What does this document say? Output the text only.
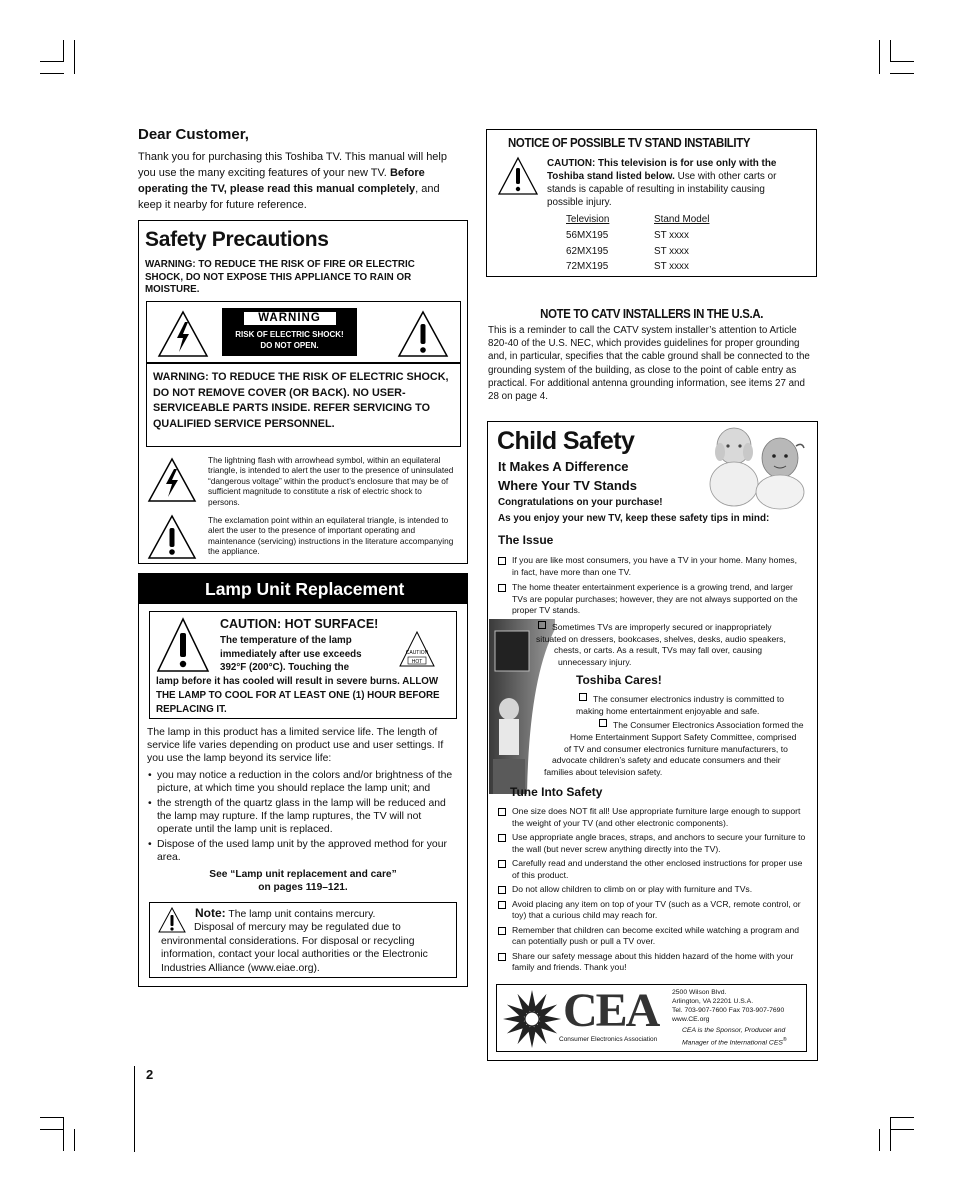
Dear Customer,

Thank you for purchasing this Toshiba TV. This manual will help you use the many exciting features of your new TV. Before operating the TV, please read this manual completely, and keep it nearby for future reference.

Safety Precautions
WARNING: TO REDUCE THE RISK OF FIRE OR ELECTRIC SHOCK, DO NOT EXPOSE THIS APPLIANCE TO RAIN OR MOISTURE.
WARNING
RISK OF ELECTRIC SHOCK!
DO NOT OPEN.
WARNING: TO REDUCE THE RISK OF ELECTRIC SHOCK, DO NOT REMOVE COVER (OR BACK). NO USER-SERVICEABLE PARTS INSIDE. REFER SERVICING TO QUALIFIED SERVICE PERSONNEL.
The lightning flash with arrowhead symbol, within an equilateral triangle, is intended to alert the user to the presence of uninsulated “dangerous voltage” within the product’s enclosure that may be of sufficient magnitude to constitute a risk of electric shock to persons.
The exclamation point within an equilateral triangle, is intended to alert the user to the presence of important operating and maintenance (servicing) instructions in the literature accompanying the appliance.
Lamp Unit Replacement
CAUTION: HOT SURFACE!
The temperature of the lamp
immediately after use exceeds
392°F (200°C). Touching the
CAUTION
HOT
lamp before it has cooled will result in severe burns. ALLOW THE LAMP TO COOL FOR AT LEAST ONE (1) HOUR BEFORE REPLACING IT.
The lamp in this product has a limited service life. The length of service life varies depending on product use and user settings. If you use the lamp beyond its service life:
• you may notice a reduction in the colors and/or brightness of the picture, at which time you should replace the lamp unit; and
• the strength of the quartz glass in the lamp will be reduced and the lamp may rupture. If the lamp ruptures, the TV will not operate until the lamp unit is replaced.
• Dispose of the used lamp unit by the approved method for your area.
See “Lamp unit replacement and care”
on pages 119–121.
Note: The lamp unit contains mercury.
Disposal of mercury may be regulated due to environmental considerations. For disposal or recycling information, contact your local authorities or the Electronic Industries Alliance (www.eiae.org).
NOTICE OF POSSIBLE TV STAND INSTABILITY
CAUTION: This television is for use only with the Toshiba stand listed below. Use with other carts or stands is capable of resulting in instability causing possible injury.
Television	Stand Model
56MX195	ST xxxx
62MX195	ST xxxx
72MX195	ST xxxx
NOTE TO CATV INSTALLERS IN THE U.S.A.

This is a reminder to call the CATV system installer’s attention to Article 820-40 of the U.S. NEC, which provides guidelines for proper grounding and, in particular, specifies that the cable ground shall be connected to the grounding system of the building, as close to the point of cable entry as practical. For additional antenna grounding information, see items 27 and 28 on page 4.

Child Safety
It Makes A Difference
Where Your TV Stands
Congratulations on your purchase!
As you enjoy your new TV, keep these safety tips in mind:
The Issue
If you are like most consumers, you have a TV in your home. Many homes, in fact, have more than one TV.
The home theater entertainment experience is a growing trend, and larger TVs are popular purchases; however, they are not always supported on the proper TV stands.
Sometimes TVs are improperly secured or inappropriately
situated on dressers, bookcases, shelves, desks, audio speakers,
chests, or carts. As a result, TVs may fall over, causing
unnecessary injury.
Toshiba Cares!
The consumer electronics industry is committed to
making home entertainment enjoyable and safe.
The Consumer Electronics Association formed the
Home Entertainment Support Safety Committee, comprised
of TV and consumer electronics furniture manufacturers, to
advocate children’s safety and educate consumers and their
families about television safety.
Tune Into Safety
One size does NOT fit all! Use appropriate furniture large enough to support the weight of your TV (and other electronic components).
Use appropriate angle braces, straps, and anchors to secure your furniture to the wall (but never screw anything directly into the TV).
Carefully read and understand the other enclosed instructions for proper use of this product.
Do not allow children to climb on or play with furniture and TVs.
Avoid placing any item on top of your TV (such as a VCR, remote control, or toy) that a curious child may reach for.
Remember that children can become excited while watching a program and can potentially push or pull a TV over.
Share our safety message about this hidden hazard of the home with your family and friends. Thank you!
CEA
Consumer Electronics Association
2500 Wilson Blvd.
Arlington, VA 22201 U.S.A.
Tel. 703-907-7600 Fax 703-907-7690
www.CE.org
CEA is the Sponsor, Producer and Manager of the International CES®
2
